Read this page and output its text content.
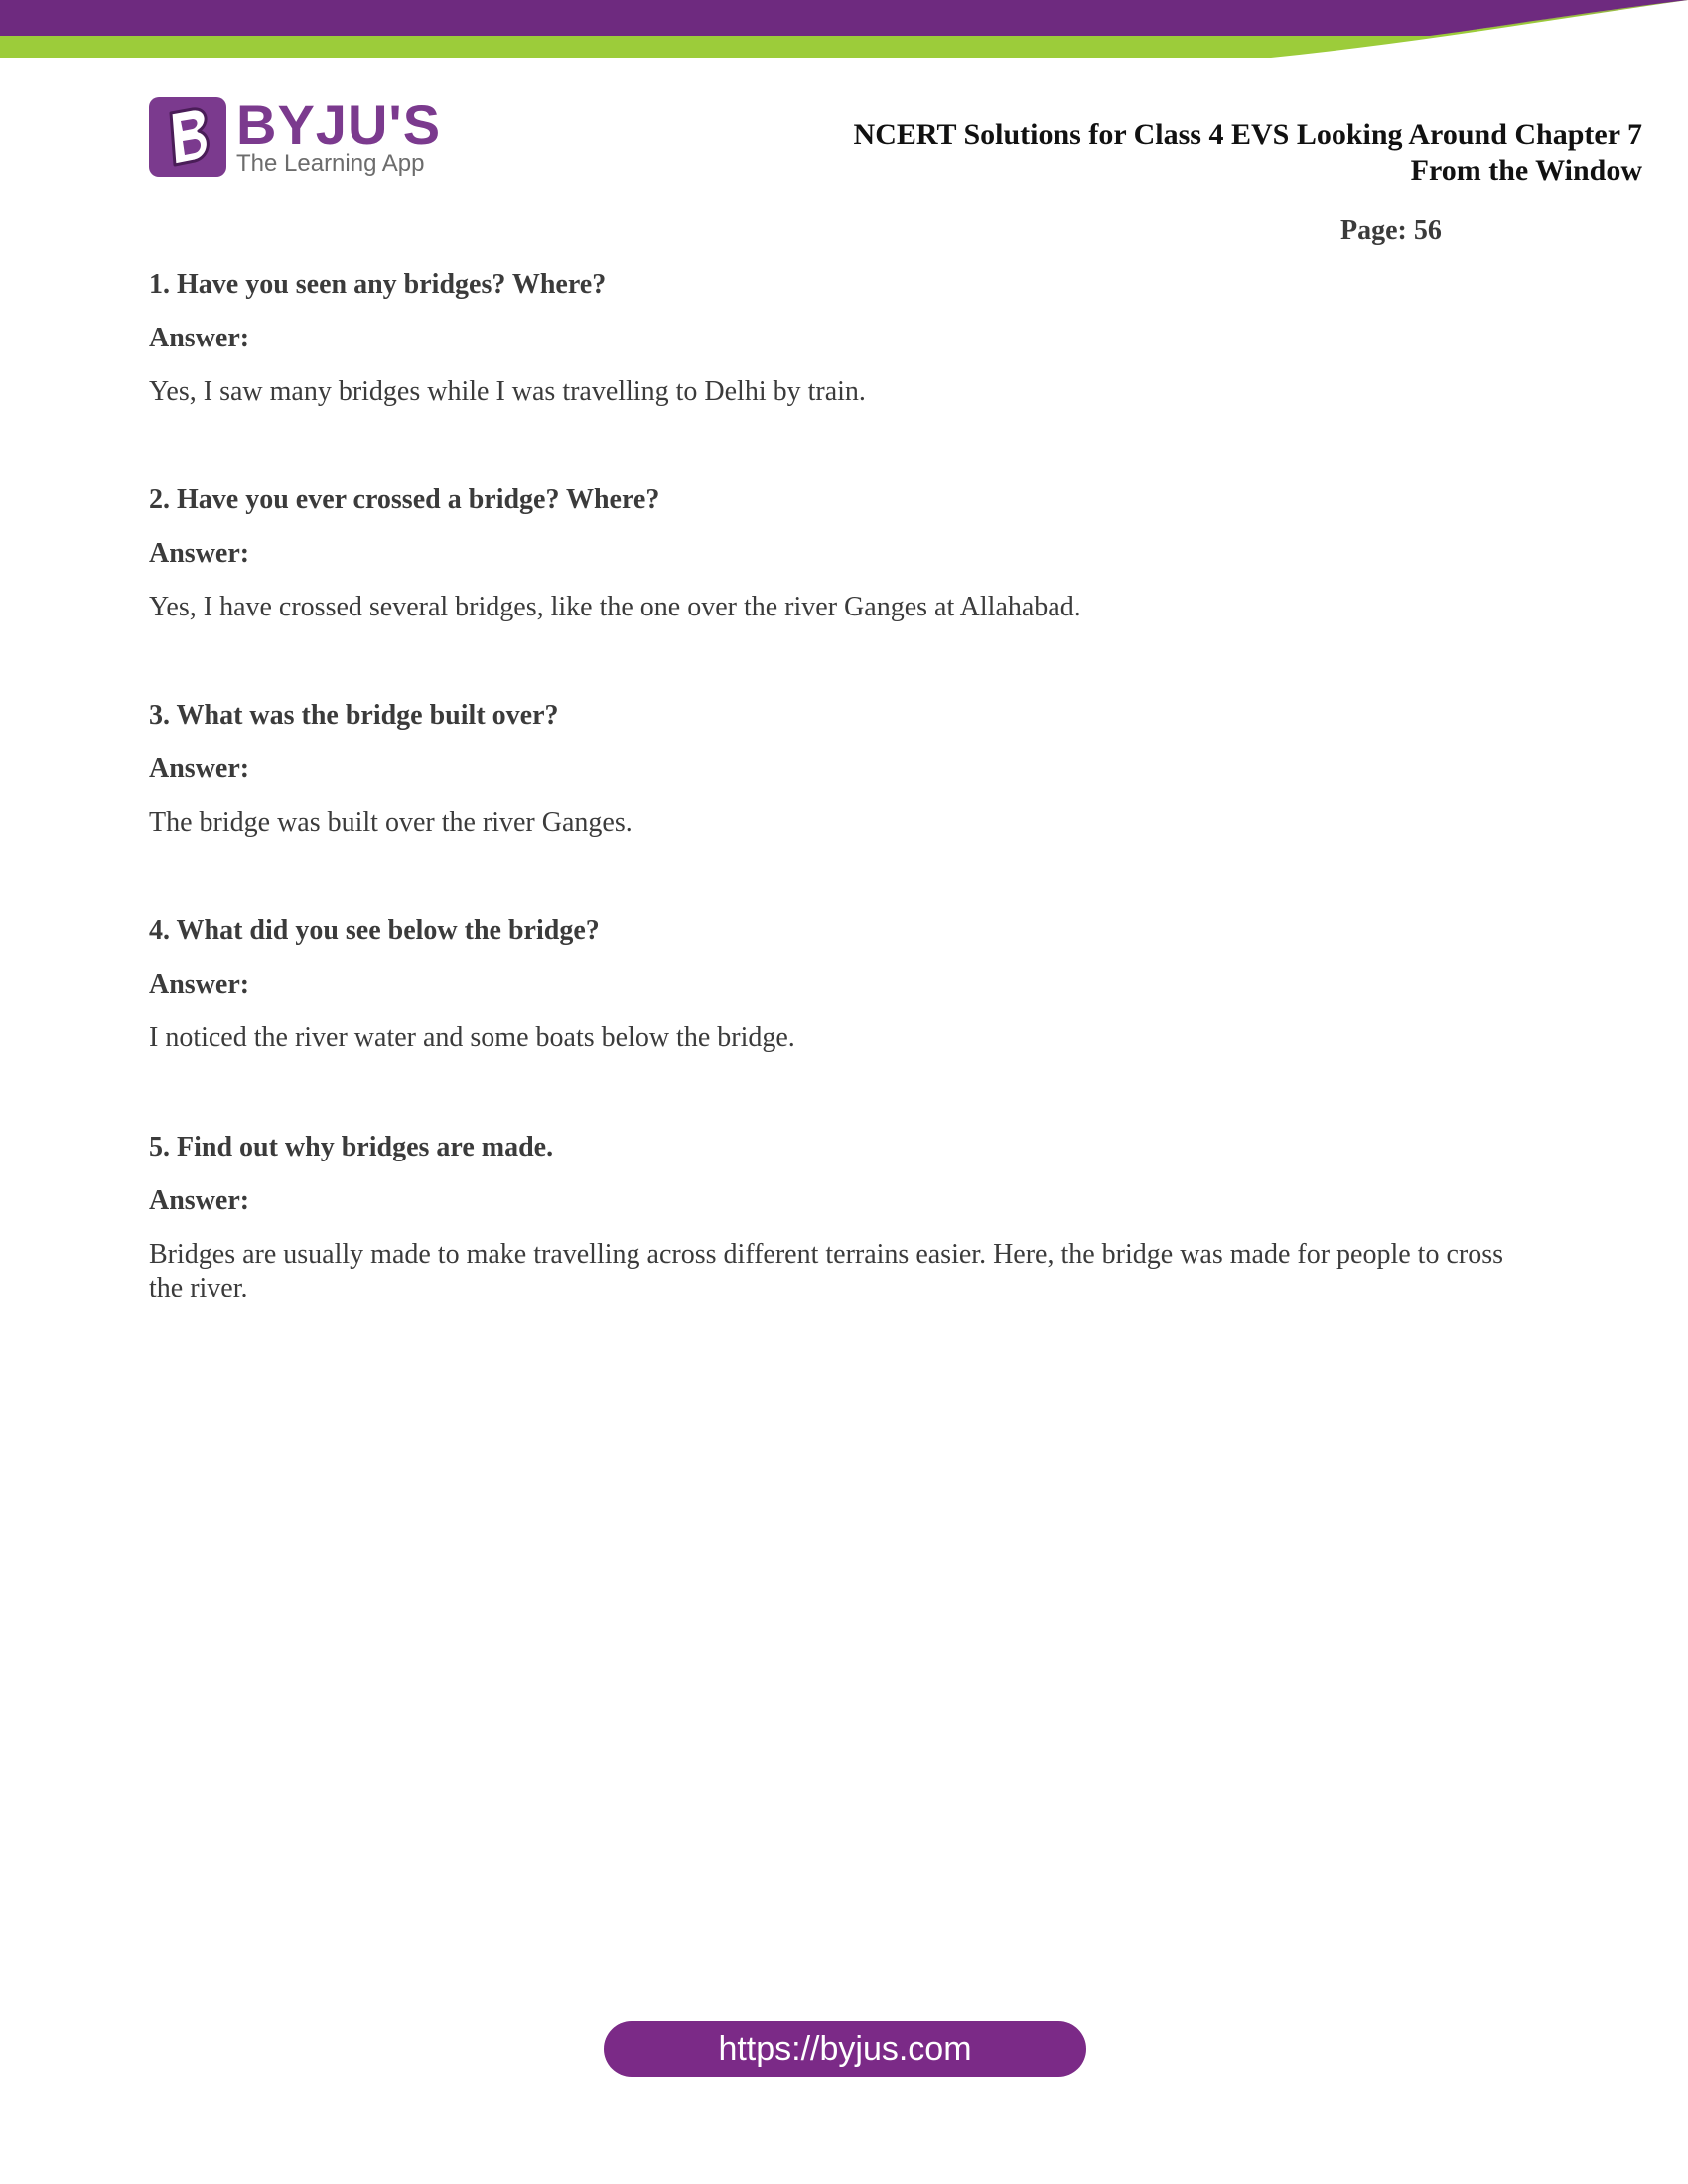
BYJU'S
The Learning App
NCERT Solutions for Class 4 EVS Looking Around Chapter 7
From the Window
Page: 56
1. Have you seen any bridges? Where?
Answer:
Yes, I saw many bridges while I was travelling to Delhi by train.
2. Have you ever crossed a bridge? Where?
Answer:
Yes, I have crossed several bridges, like the one over the river Ganges at Allahabad.
3. What was the bridge built over?
Answer:
The bridge was built over the river Ganges.
4. What did you see below the bridge?
Answer:
I noticed the river water and some boats below the bridge.
5. Find out why bridges are made.
Answer:
Bridges are usually made to make travelling across different terrains easier. Here, the bridge was made for people to cross the river.
https://byjus.com
